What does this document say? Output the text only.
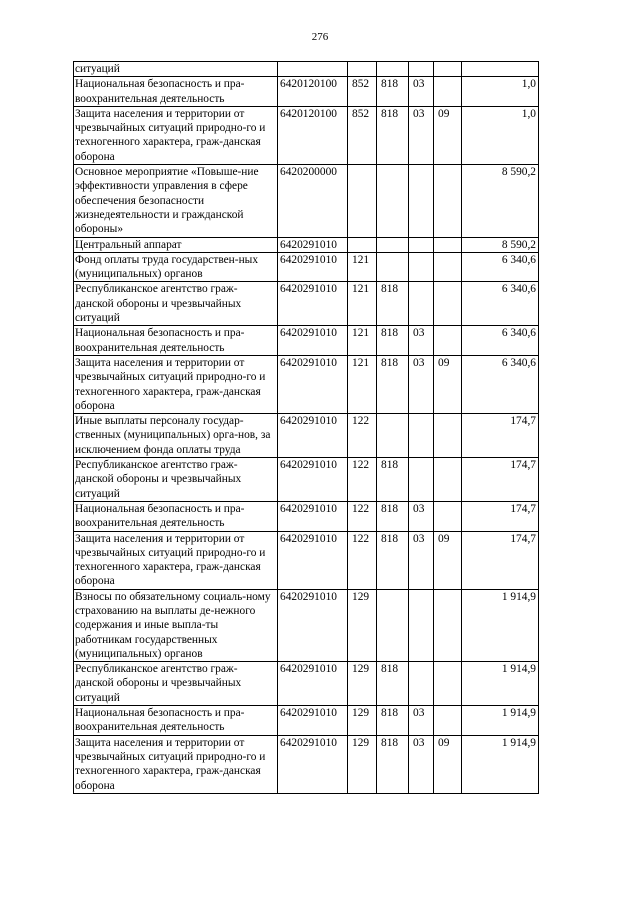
276
ситуаций						
Национальная безопасность и пра-воохранительная деятельность	6420120100	852	818	03		1,0
Защита населения и территории от чрезвычайных ситуаций природно-го и техногенного характера, граж-данская оборона	6420120100	852	818	03	09	1,0
Основное мероприятие «Повыше-ние эффективности управления в сфере обеспечения безопасности жизнедеятельности и гражданской обороны»	6420200000					8 590,2
Центральный аппарат	6420291010					8 590,2
Фонд оплаты труда государствен-ных (муниципальных) органов	6420291010	121				6 340,6
Республиканское агентство граж-данской обороны и чрезвычайных ситуаций	6420291010	121	818			6 340,6
Национальная безопасность и пра-воохранительная деятельность	6420291010	121	818	03		6 340,6
Защита населения и территории от чрезвычайных ситуаций природно-го и техногенного характера, граж-данская оборона	6420291010	121	818	03	09	6 340,6
Иные выплаты персоналу государ-ственных (муниципальных) орга-нов, за исключением фонда оплаты труда	6420291010	122				174,7
Республиканское агентство граж-данской обороны и чрезвычайных ситуаций	6420291010	122	818			174,7
Национальная безопасность и пра-воохранительная деятельность	6420291010	122	818	03		174,7
Защита населения и территории от чрезвычайных ситуаций природно-го и техногенного характера, граж-данская оборона	6420291010	122	818	03	09	174,7
Взносы по обязательному социаль-ному страхованию на выплаты де-нежного содержания и иные выпла-ты работникам государственных (муниципальных) органов	6420291010	129				1 914,9
Республиканское агентство граж-данской обороны и чрезвычайных ситуаций	6420291010	129	818			1 914,9
Национальная безопасность и пра-воохранительная деятельность	6420291010	129	818	03		1 914,9
Защита населения и территории от чрезвычайных ситуаций природно-го и техногенного характера, граж-данская оборона	6420291010	129	818	03	09	1 914,9
